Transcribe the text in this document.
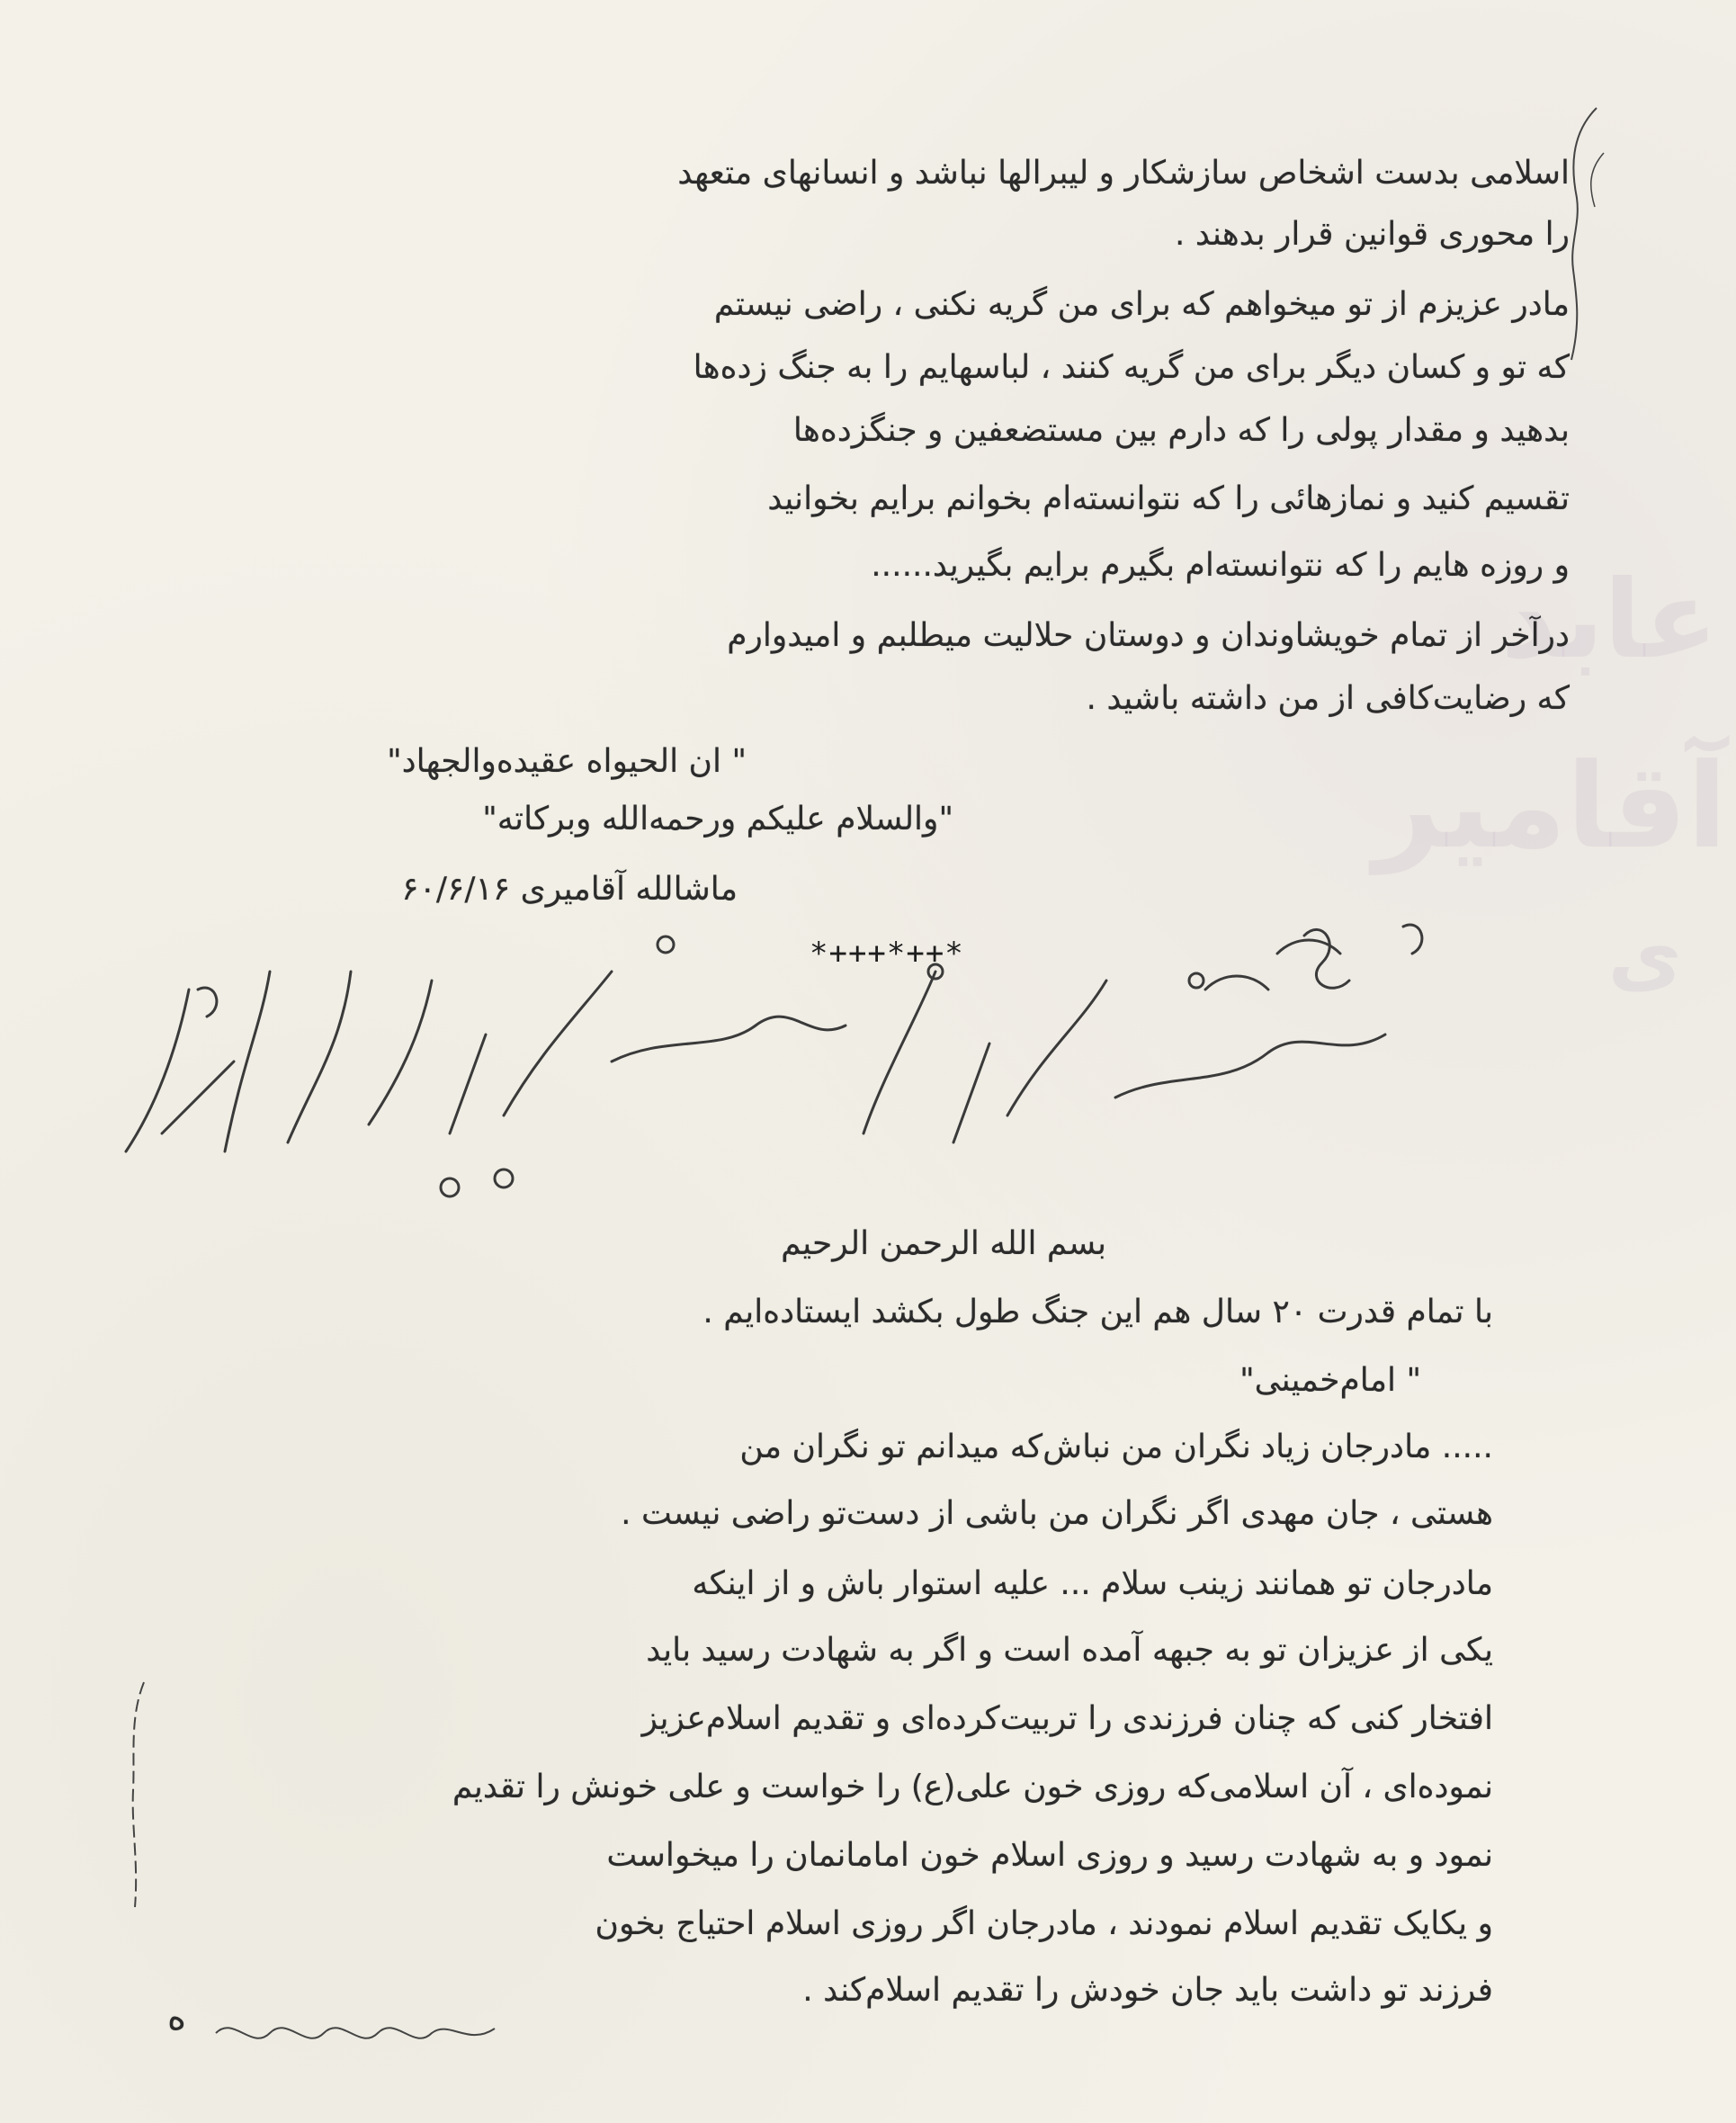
عابد
آقامیر
ی
اسلامی بدست اشخاص سازشکار و لیبرالها نباشد و انسانهای متعهد
را محوری قوانین قرار بدهند .
مادر عزیزم از تو میخواهم که برای من گریه نکنی ، راضی نیستم
که تو و کسان دیگر برای من گریه کنند ، لباسهایم را به جنگ زده‌ها
بدهید و مقدار پولی را که دارم بین مستضعفین و جنگزده‌ها
تقسیم کنید و نمازهائی را که نتوانسته‌ام بخوانم برایم بخوانید
و روزه هایم را که نتوانسته‌ام بگیرم برایم بگیرید......
درآخر از تمام خویشاوندان و دوستان حلالیت میطلبم و امیدوارم
که رضایت‌کافی از من داشته باشید .
" ان الحیواه عقیده‌والجهاد"
"والسلام علیکم ورحمه‌الله وبرکاته"
ماشالله آقامیری ۶۰/۶/۱۶
*+++*++*
بسم الله الرحمن الرحیم
با تمام قدرت ۲۰ سال هم این جنگ طول بکشد ایستاده‌ایم .
" امام‌خمینی"
..... مادرجان زیاد نگران من نباش‌که میدانم تو نگران من
هستی ، جان مهدی اگر نگران من باشی از دست‌تو راضی نیست .
مادرجان تو همانند زینب سلام ... علیه استوار باش و از اینکه
یکی از عزیزان تو به جبهه آمده است و اگر به شهادت رسید باید
افتخار کنی که چنان فرزندی را تربیت‌کرده‌ای و تقدیم اسلام‌عزیز
نموده‌ای ، آن اسلامی‌که روزی خون علی(ع) را خواست و علی خونش را تقدیم
نمود و به شهادت رسید و روزی اسلام خون امامانمان را میخواست
و یکایک تقدیم اسلام نمودند ، مادرجان اگر روزی اسلام احتیاج بخون
فرزند تو داشت باید جان خودش را تقدیم اسلام‌کند .
ه
